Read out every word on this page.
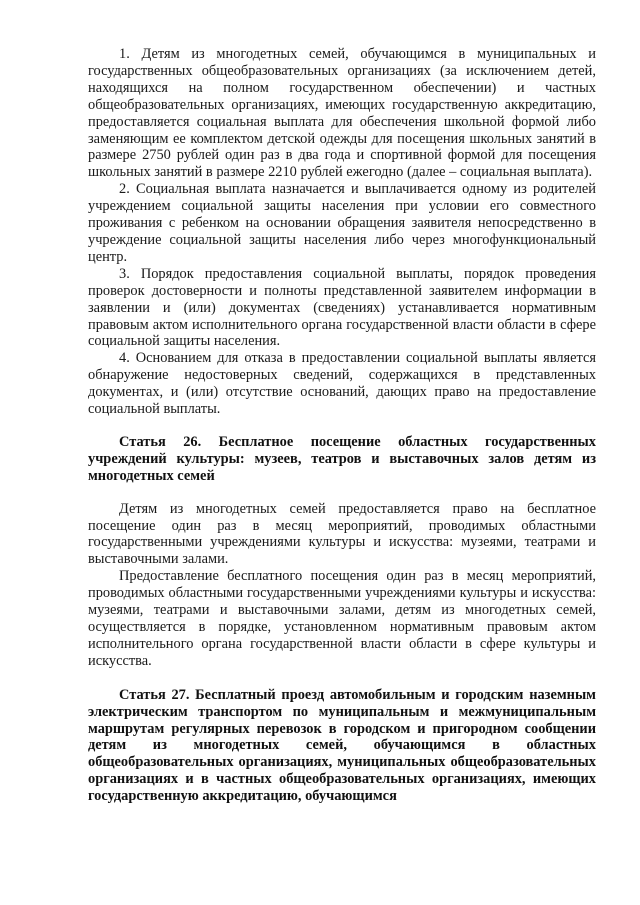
1. Детям из многодетных семей, обучающимся в муниципальных и государственных общеобразовательных организациях (за исключением детей, находящихся на полном государственном обеспечении) и частных общеобразовательных организациях, имеющих государственную аккредитацию, предоставляется социальная выплата для обеспечения школьной формой либо заменяющим ее комплектом детской одежды для посещения школьных занятий в размере 2750 рублей один раз в два года и спортивной формой для посещения школьных занятий в размере 2210 рублей ежегодно (далее – социальная выплата).

2. Социальная выплата назначается и выплачивается одному из родителей учреждением социальной защиты населения при условии его совместного проживания с ребенком на основании обращения заявителя непосредственно в учреждение социальной защиты населения либо через многофункциональный центр.

3. Порядок предоставления социальной выплаты, порядок проведения проверок достоверности и полноты представленной заявителем информации в заявлении и (или) документах (сведениях) устанавливается нормативным правовым актом исполнительного органа государственной власти области в сфере социальной защиты населения.

4. Основанием для отказа в предоставлении социальной выплаты является обнаружение недостоверных сведений, содержащихся в представленных документах, и (или) отсутствие оснований, дающих право на предоставление социальной выплаты.

Статья 26. Бесплатное посещение областных государственных учреждений культуры: музеев, театров и выставочных залов детям из многодетных семей

Детям из многодетных семей предоставляется право на бесплатное посещение один раз в месяц мероприятий, проводимых областными государственными учреждениями культуры и искусства: музеями, театрами и выставочными залами.

Предоставление бесплатного посещения один раз в месяц мероприятий, проводимых областными государственными учреждениями культуры и искусства: музеями, театрами и выставочными залами, детям из многодетных семей, осуществляется в порядке, установленном нормативным правовым актом исполнительного органа государственной власти области в сфере культуры и искусства.

Статья 27. Бесплатный проезд автомобильным и городским наземным электрическим транспортом по муниципальным и межмуниципальным маршрутам регулярных перевозок в городском и пригородном сообщении детям из многодетных семей, обучающимся в областных общеобразовательных организациях, муниципальных общеобразовательных организациях и в частных общеобразовательных организациях, имеющих государственную аккредитацию, обучающимся
